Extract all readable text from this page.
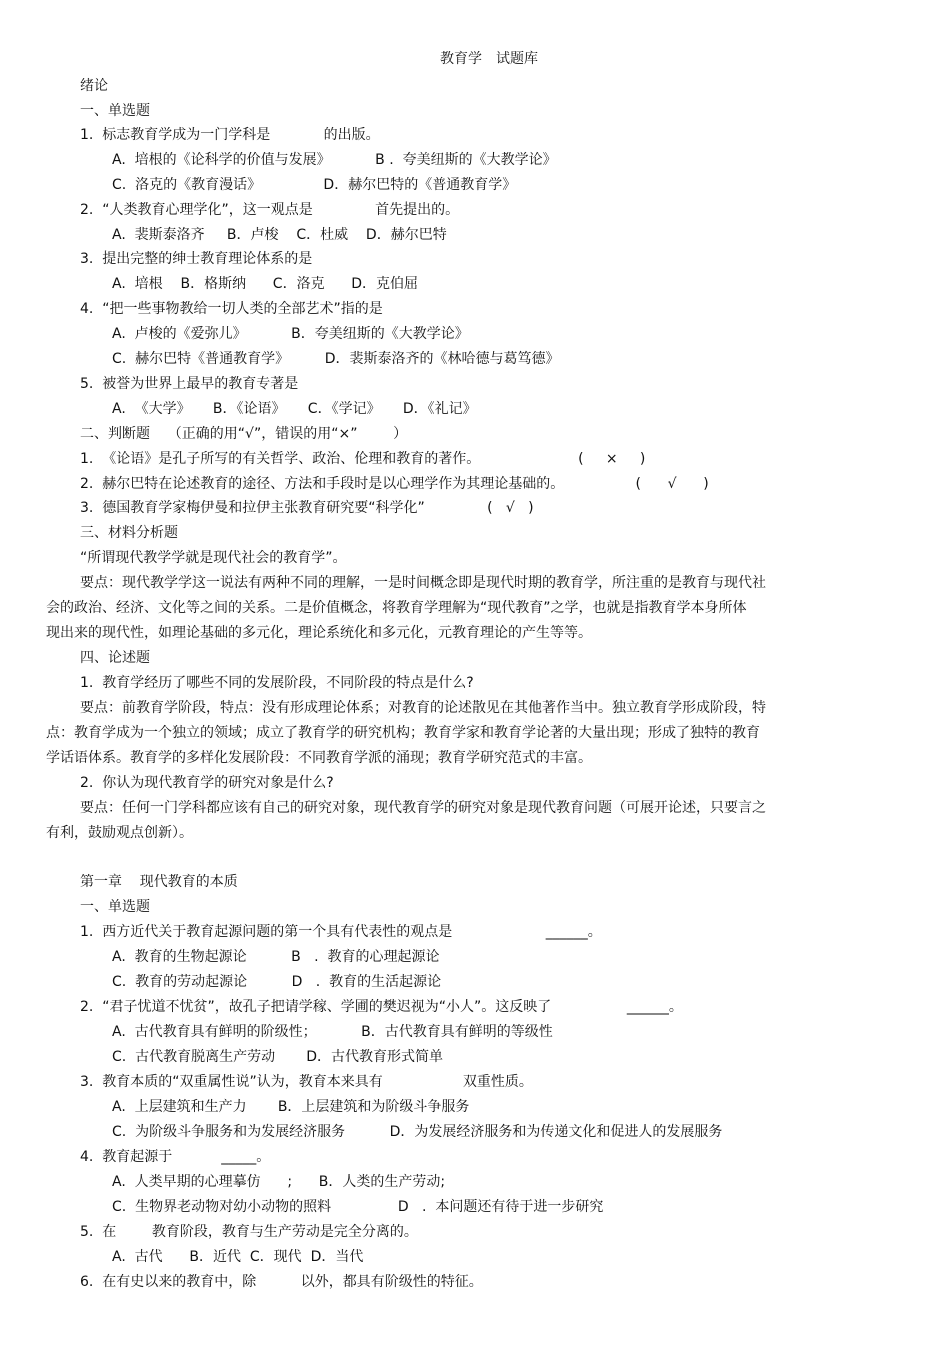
教育学　试题库
绪论
一、单选题
1.  标志教育学成为一门学科是            的出版。
A.  培根的《论科学的价值与发展》          B .  夸美纽斯的《大教学论》
C.  洛克的《教育漫话》              D．赫尔巴特的《普通教育学》
2.  “人类教育心理学化”，这一观点是              首先提出的。
A.  裴斯泰洛齐     B．卢梭    C．杜威    D．赫尔巴特
3.  提出完整的绅士教育理论体系的是
A.  培根    B．格斯纳      C．洛克      D．克伯屈
4.  “把一些事物教给一切人类的全部艺术”指的是
A.  卢梭的《爱弥儿》          B．夸美纽斯的《大教学论》
C.  赫尔巴特《普通教育学》        D．裴斯泰洛齐的《林哈德与葛笃德》
5.  被誉为世界上最早的教育专著是
A.  《大学》     B．《论语》     C．《学记》     D．《礼记》
二、判断题    （正确的用“√”，错误的用“×”        ）
1.  《论语》是孔子所写的有关哲学、政治、伦理和教育的著作。                      (     ×     )
2.  赫尔巴特在论述教育的途径、方法和手段时是以心理学作为其理论基础的。                (      √      )
3.  德国教育学家梅伊曼和拉伊主张教育研究要“科学化”              (   √   )
三、材料分析题
“所谓现代教学学就是现代社会的教育学”。
要点：现代教学学这一说法有两种不同的理解，一是时间概念即是现代时期的教育学，所注重的是教育与现代社
会的政治、经济、文化等之间的关系。二是价值概念，将教育学理解为“现代教育”之学，也就是指教育学本身所体
现出来的现代性，如理论基础的多元化，理论系统化和多元化，元教育理论的产生等等。
四、论述题
1.  教育学经历了哪些不同的发展阶段，不同阶段的特点是什么?
要点：前教育学阶段，特点：没有形成理论体系；对教育的论述散见在其他著作当中。独立教育学形成阶段，特
点：教育学成为一个独立的领域；成立了教育学的研究机构；教育学家和教育学论著的大量出现；形成了独特的教育
学话语体系。教育学的多样化发展阶段：不同教育学派的涌现；教育学研究范式的丰富。
2.  你认为现代教育学的研究对象是什么?
要点：任何一门学科都应该有自己的研究对象，现代教育学的研究对象是现代教育问题（可展开论述，只要言之
有利，鼓励观点创新）。
第一章    现代教育的本质
一、单选题
1.  西方近代关于教育起源问题的第一个具有代表性的观点是                     ______。
A.  教育的生物起源论          B   .  教育的心理起源论
C.  教育的劳动起源论          D   .  教育的生活起源论
2.  “君子忧道不忧贫”，故孔子把请学稼、学圃的樊迟视为“小人”。这反映了                 ______。
A.  古代教育具有鲜明的阶级性；          B．古代教育具有鲜明的等级性
C.  古代教育脱离生产劳动       D．古代教育形式简单
3.  教育本质的“双重属性说”认为，教育本来具有                  双重性质。
A.  上层建筑和生产力       B．上层建筑和为阶级斗争服务
C.  为阶级斗争服务和为发展经济服务          D．为发展经济服务和为传递文化和促进人的发展服务
4.  教育起源于           _____。
A.  人类早期的心理摹仿      ;      B．人类的生产劳动;
C.  生物界老动物对幼小动物的照料               D   .  本问题还有待于进一步研究
5.  在        教育阶段，教育与生产劳动是完全分离的。
A.  古代      B．近代  C．现代  D．当代
6.  在有史以来的教育中，除          以外，都具有阶级性的特征。
